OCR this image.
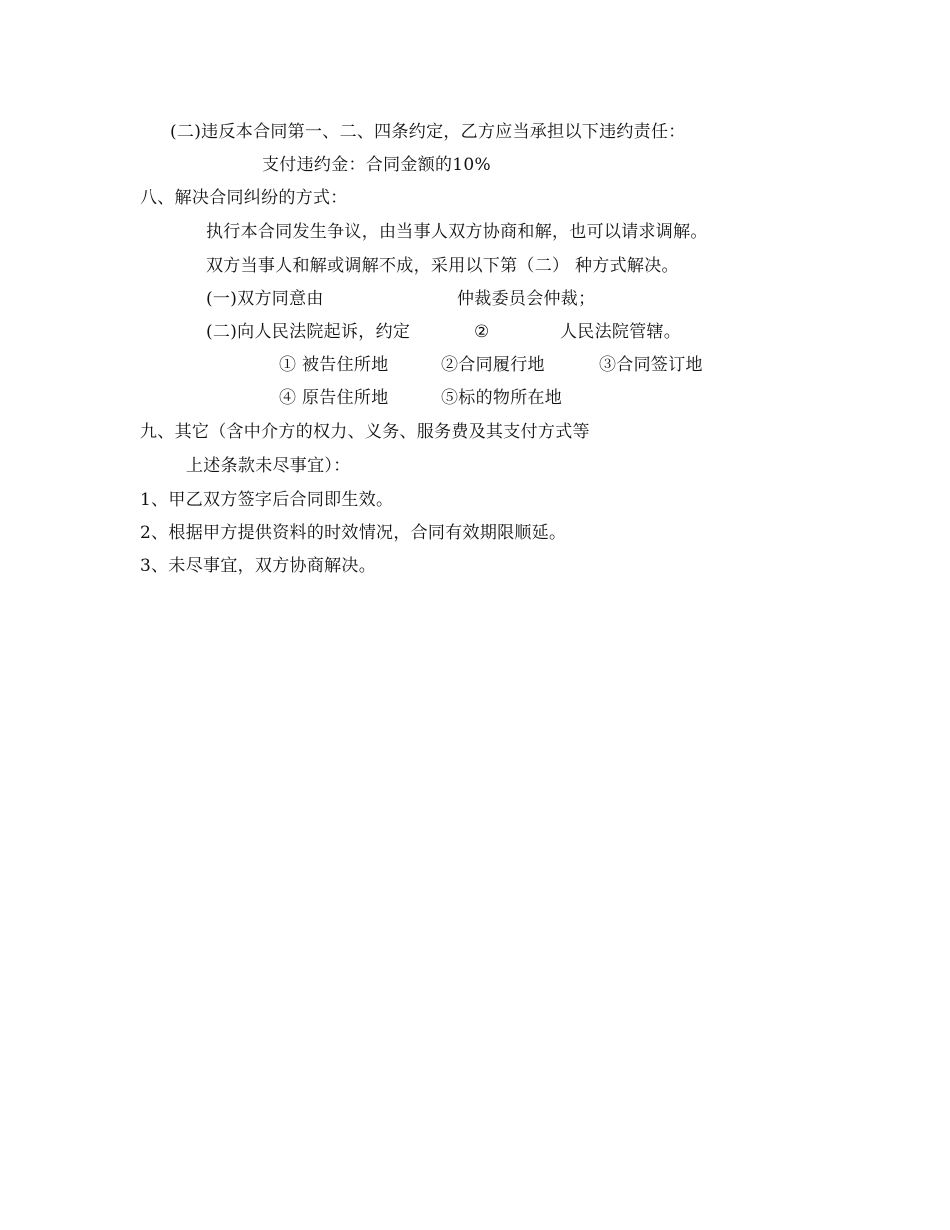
(二)违反本合同第一、二、四条约定，乙方应当承担以下违约责任：
支付违约金：合同金额的10%
八、解决合同纠纷的方式：
执行本合同发生争议，由当事人双方协商和解，也可以请求调解。
双方当事人和解或调解不成，采用以下第（二） 种方式解决。
(一)双方同意由	仲裁委员会仲裁；
(二)向人民法院起诉，约定	②	人民法院管辖。
① 被告住所地	②合同履行地	③合同签订地
④ 原告住所地	⑤标的物所在地
九、其它（含中介方的权力、义务、服务费及其支付方式等
上述条款未尽事宜）：
1、甲乙双方签字后合同即生效。
2、根据甲方提供资料的时效情况，合同有效期限顺延。
3、未尽事宜，双方协商解决。
